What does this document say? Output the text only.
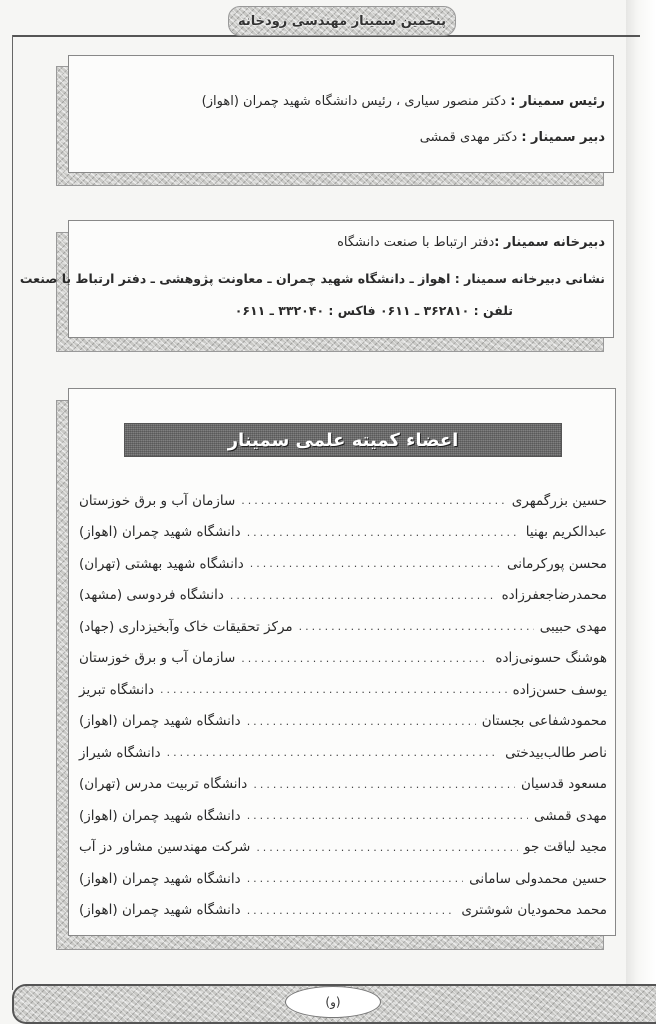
پنجمین سمینار مهندسی رودخانه
رئیس سمینار : دکتر منصور سیاری ، رئیس دانشگاه شهید چمران (اهواز)
دبیر سمینار : دکتر مهدی قمشی
دبیرخانه سمینار :دفتر ارتباط با صنعت دانشگاه
نشانی دبیرخانه سمینار : اهواز ـ دانشگاه شهید چمران ـ معاونت پژوهشی ـ دفتر ارتباط با صنعت
تلفن : ۳۶۲۸۱۰ ـ ۰۶۱۱ فاکس : ۳۳۲۰۴۰ ـ ۰۶۱۱
اعضاء کمیته علمی سمینار
حسین بزرگمهری
.....
سازمان آب و برق خوزستان
عبدالکریم بهنیا
.....
دانشگاه شهید چمران (اهواز)
محسن پورکرمانی
.....
دانشگاه شهید بهشتی (تهران)
محمدرضاجعفرزاده
.....
دانشگاه فردوسی (مشهد)
مهدی حبیبی
.....
مرکز تحقیقات خاک وآبخیزداری (جهاد)
هوشنگ حسونی‌زاده
.....
سازمان آب و برق خوزستان
یوسف حسن‌زاده
.....
دانشگاه تبریز
محمودشفاعی بجستان
.....
دانشگاه شهید چمران (اهواز)
ناصر طالب‌بیدختی
.....
دانشگاه شیراز
مسعود قدسیان
.....
دانشگاه تربیت مدرس (تهران)
مهدی قمشی
.....
دانشگاه شهید چمران (اهواز)
مجید لیاقت جو
.....
شرکت مهندسین مشاور دز آب
حسین محمدولی سامانی
.....
دانشگاه شهید چمران (اهواز)
محمد محمودیان شوشتری
.....
دانشگاه شهید چمران (اهواز)
(و)
